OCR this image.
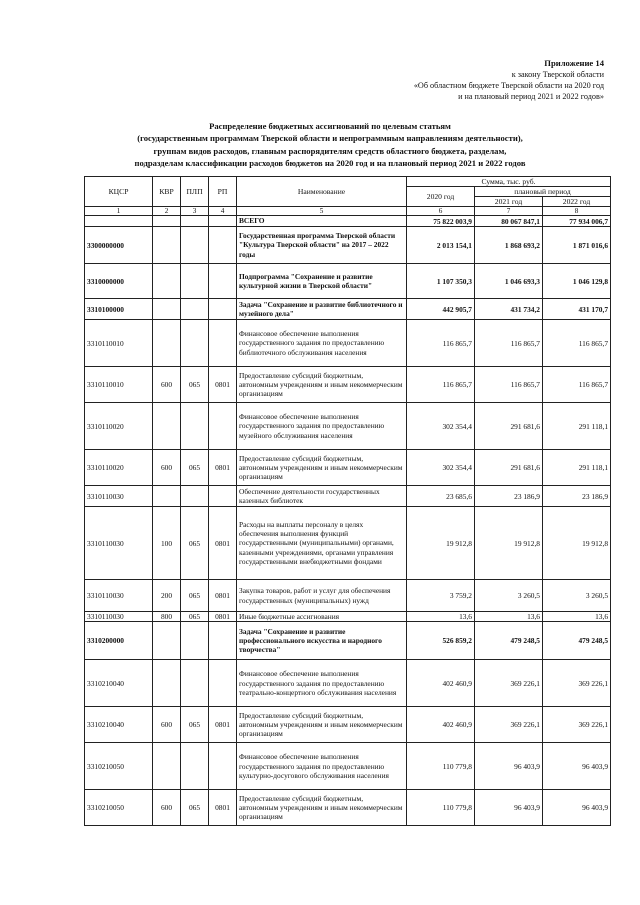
Приложение 14
к закону Тверской области
«Об областном бюджете Тверской области на 2020 год
и на плановый период 2021 и 2022 годов»
Распределение бюджетных ассигнований по целевым статьям
(государственным программам Тверской области и непрограммным направлениям деятельности),
группам видов расходов, главным распорядителям средств областного бюджета, разделам,
подразделам классификации расходов бюджетов на 2020 год и на плановый период 2021 и 2022 годов
КЦСР	КВР	ПЛП	РП	Наименование	Сумма, тыс. руб.		
					2020 год	плановый период	
						2021 год	2022 год
1	2	3	4	5	6	7	8
				ВСЕГО	75 822 003,9	80 067 847,1	77 934 006,7
3300000000				Государственная программа Тверской области "Культура Тверской области" на 2017 – 2022 годы	2 013 154,1	1 868 693,2	1 871 016,6
3310000000				Подпрограмма "Сохранение и развитие культурной жизни в Тверской области"	1 107 350,3	1 046 693,3	1 046 129,8
3310100000				Задача "Сохранение и развитие библиотечного и музейного дела"	442 905,7	431 734,2	431 170,7
3310110010				Финансовое обеспечение выполнения государственного задания по предоставлению библиотечного обслуживания населения	116 865,7	116 865,7	116 865,7
3310110010	600	065	0801	Предоставление субсидий бюджетным, автономным учреждениям и иным некоммерческим организациям	116 865,7	116 865,7	116 865,7
3310110020				Финансовое обеспечение выполнения государственного задания по предоставлению музейного обслуживания населения	302 354,4	291 681,6	291 118,1
3310110020	600	065	0801	Предоставление субсидий бюджетным, автономным учреждениям и иным некоммерческим организациям	302 354,4	291 681,6	291 118,1
3310110030				Обеспечение деятельности государственных казенных библиотек	23 685,6	23 186,9	23 186,9
3310110030	100	065	0801	Расходы на выплаты персоналу в целях обеспечения выполнения функций государственными (муниципальными) органами, казенными учреждениями, органами управления государственными внебюджетными фондами	19 912,8	19 912,8	19 912,8
3310110030	200	065	0801	Закупка товаров, работ и услуг для обеспечения государственных (муниципальных) нужд	3 759,2	3 260,5	3 260,5
3310110030	800	065	0801	Иные бюджетные ассигнования	13,6	13,6	13,6
3310200000				Задача "Сохранение и развитие профессионального искусства и народного творчества"	526 859,2	479 248,5	479 248,5
3310210040				Финансовое обеспечение выполнения государственного задания по предоставлению театрально-концертного обслуживания населения	402 460,9	369 226,1	369 226,1
3310210040	600	065	0801	Предоставление субсидий бюджетным, автономным учреждениям и иным некоммерческим организациям	402 460,9	369 226,1	369 226,1
3310210050				Финансовое обеспечение выполнения государственного задания по предоставлению культурно-досугового обслуживания населения	110 779,8	96 403,9	96 403,9
3310210050	600	065	0801	Предоставление субсидий бюджетным, автономным учреждениям и иным некоммерческим организациям	110 779,8	96 403,9	96 403,9
